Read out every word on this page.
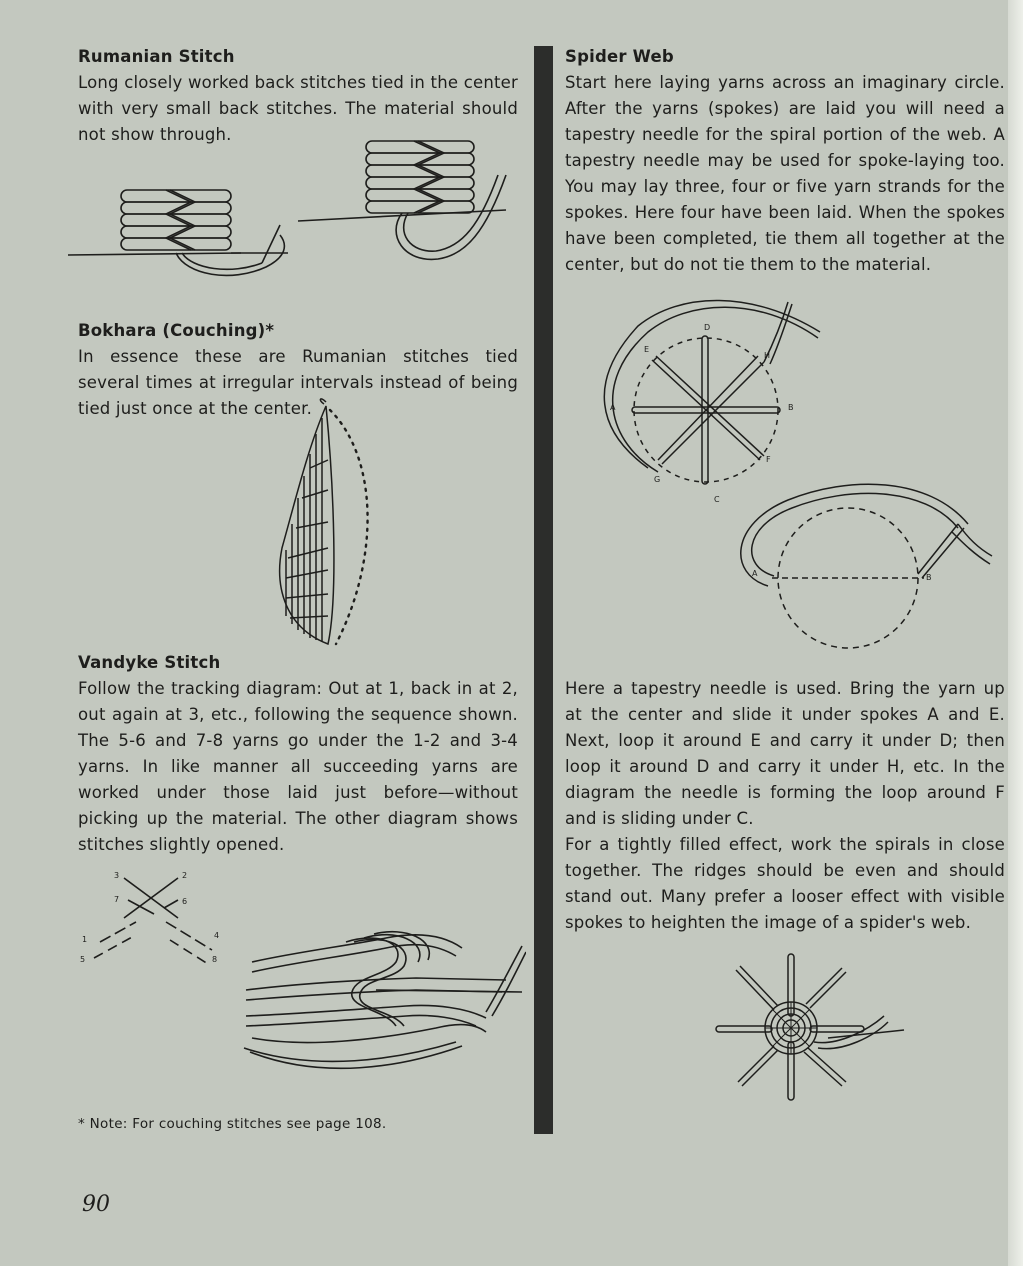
Rumanian Stitch

Long closely worked back stitches tied in the center with very small back stitches. The material should not show through.

Bokhara (Couching)*

In essence these are Rumanian stitches tied several times at irregular intervals instead of being tied just once at the center.

Vandyke Stitch

Follow the tracking diagram: Out at 1, back in at 2, out again at 3, etc., following the sequence shown. The 5-6 and 7-8 yarns go under the 1-2 and 3-4 yarns. In like manner all succeeding yarns are worked under those laid just before—without picking up the material. The other diagram shows stitches slightly opened.

3	2
7	6
1	4
5	8
* Note: For couching stitches see page 108.
90
Spider Web

Start here laying yarns across an imaginary circle. After the yarns (spokes) are laid you will need a tapestry needle for the spiral portion of the web. A tapestry needle may be used for spoke-laying too. You may lay three, four or five yarn strands for the spokes. Here four have been laid. When the spokes have been completed, tie them all together at the center, but do not tie them to the material.

D
E
H
A	B
F
G
C
A	B

Here a tapestry needle is used. Bring the yarn up at the center and slide it under spokes A and E. Next, loop it around E and carry it under D; then loop it around D and carry it under H, etc. In the diagram the needle is forming the loop around F and is sliding under C.

For a tightly filled effect, work the spirals in close together. The ridges should be even and should stand out. Many prefer a looser effect with visible spokes to heighten the image of a spider's web.
